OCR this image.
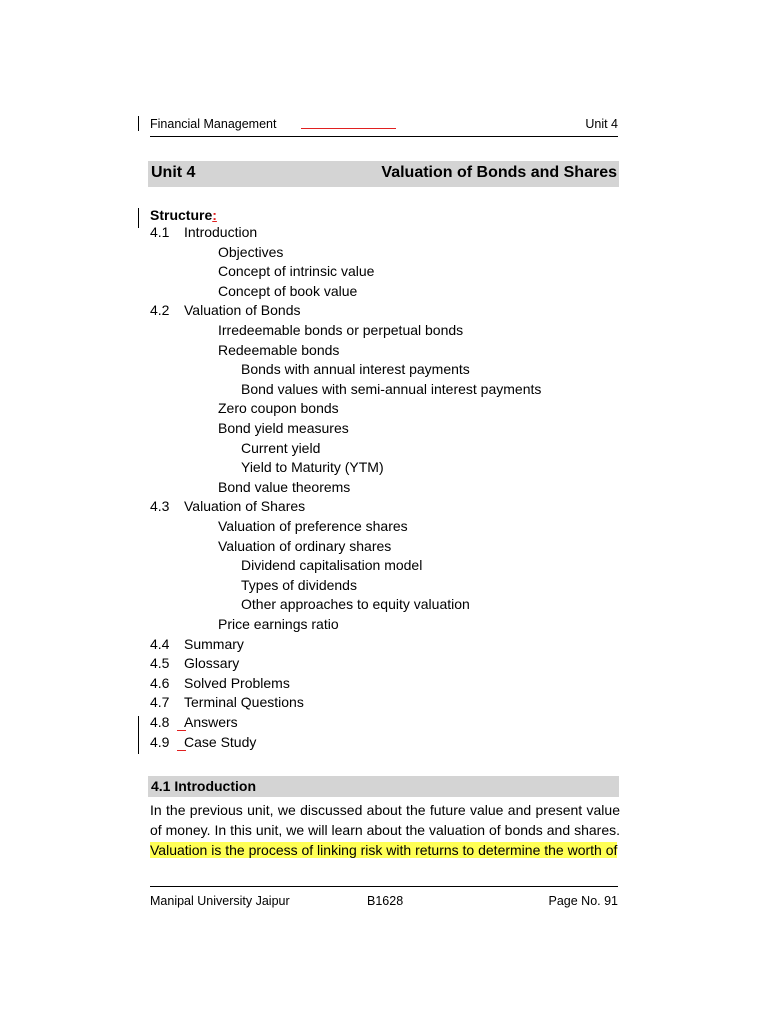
Financial Management	Unit 4
Unit 4	Valuation of Bonds and Shares
Structure:
4.1 Introduction
Objectives
Concept of intrinsic value
Concept of book value
4.2 Valuation of Bonds
Irredeemable bonds or perpetual bonds
Redeemable bonds
Bonds with annual interest payments
Bond values with semi-annual interest payments
Zero coupon bonds
Bond yield measures
Current yield
Yield to Maturity (YTM)
Bond value theorems
4.3 Valuation of Shares
Valuation of preference shares
Valuation of ordinary shares
Dividend capitalisation model
Types of dividends
Other approaches to equity valuation
Price earnings ratio
4.4 Summary
4.5 Glossary
4.6 Solved Problems
4.7 Terminal Questions
4.8 Answers
4.9 Case Study
4.1 Introduction
In the previous unit, we discussed about the future value and present value
of money. In this unit, we will learn about the valuation of bonds and shares.
Valuation is the process of linking risk with returns to determine the worth of
Manipal University Jaipur	B1628	Page No. 91
